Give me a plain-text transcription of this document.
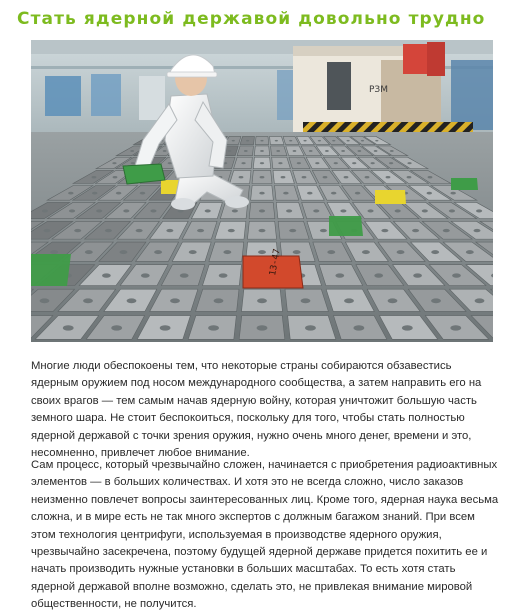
Стать ядерной державой довольно трудно
РЗМ
13-47

Многие люди обеспокоены тем, что некоторые страны собираются обзавестись ядерным оружием под носом международного сообщества, а затем направить его на своих врагов — тем самым начав ядерную войну, которая уничтожит большую часть земного шара. Не стоит беспокоиться, поскольку для того, чтобы стать полностью ядерной державой с точки зрения оружия, нужно очень много денег, времени и это, несомненно, привлечет любое внимание.

Сам процесс, который чрезвычайно сложен, начинается с приобретения радиоактивных элементов — в больших количествах. И хотя это не всегда сложно, число заказов неизменно повлечет вопросы заинтересованных лиц. Кроме того, ядерная наука весьма сложна, и в мире есть не так много экспертов с должным багажом знаний. При всем этом технология центрифуги, используемая в производстве ядерного оружия, чрезвычайно засекречена, поэтому будущей ядерной державе придется похитить ее и начать производить нужные установки в больших масштабах. То есть хотя стать ядерной державой вполне возможно, сделать это, не привлекая внимание мировой общественности, не получится.
